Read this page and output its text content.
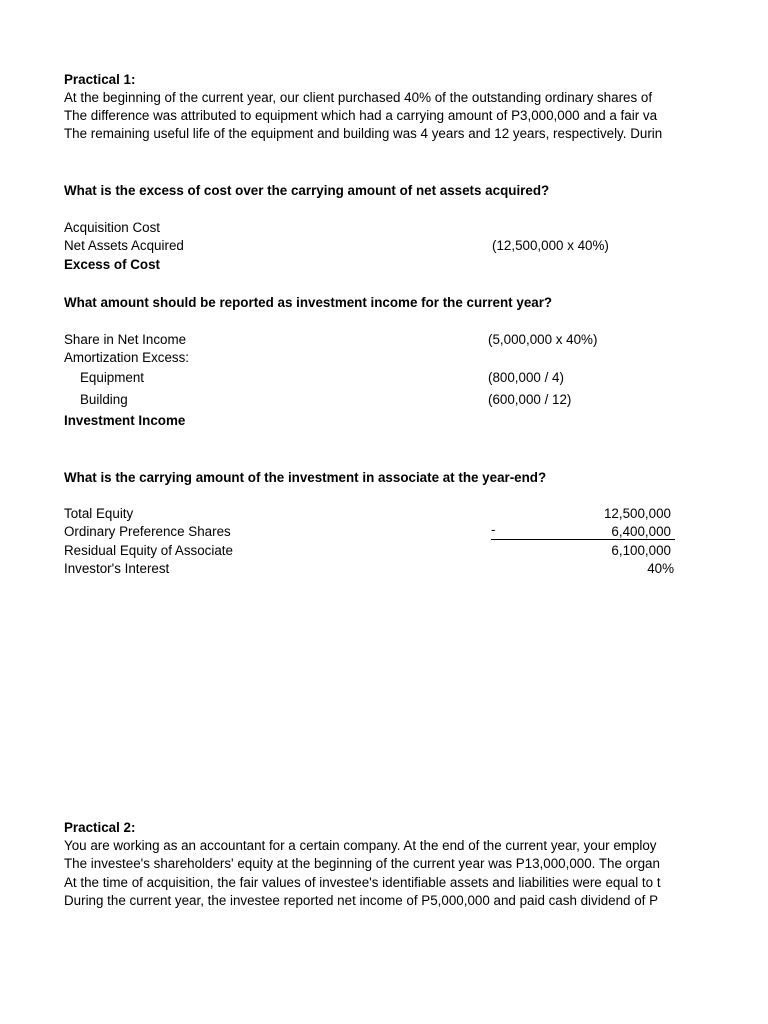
Practical 1:
At the beginning of the current year, our client purchased 40% of the outstanding ordinary shares of
The difference was attributed to equipment which had a carrying amount of P3,000,000 and a fair va
The remaining useful life of the equipment and building was 4 years and 12 years, respectively. Durin
What is the excess of cost over the carrying amount of net assets acquired?
Acquisition Cost
Net Assets Acquired	(12,500,000 x 40%)
Excess of Cost
What amount should be reported as investment income for the current year?
Share in Net Income	(5,000,000 x 40%)
Amortization Excess:
Equipment	(800,000 / 4)
Building	(600,000 / 12)
Investment Income
What is the carrying amount of the investment in associate at the year-end?
Total Equity	12,500,000
Ordinary Preference Shares	-	6,400,000
Residual Equity of Associate	6,100,000
Investor's Interest	40%
Practical 2:
You are working as an accountant for a certain company. At the end of the current year, your employ
The investee's shareholders' equity at the beginning of the current year was P13,000,000. The organ
At the time of acquisition, the fair values of investee's identifiable assets and liabilities were equal to t
During the current year, the investee reported net income of P5,000,000 and paid cash dividend of P
